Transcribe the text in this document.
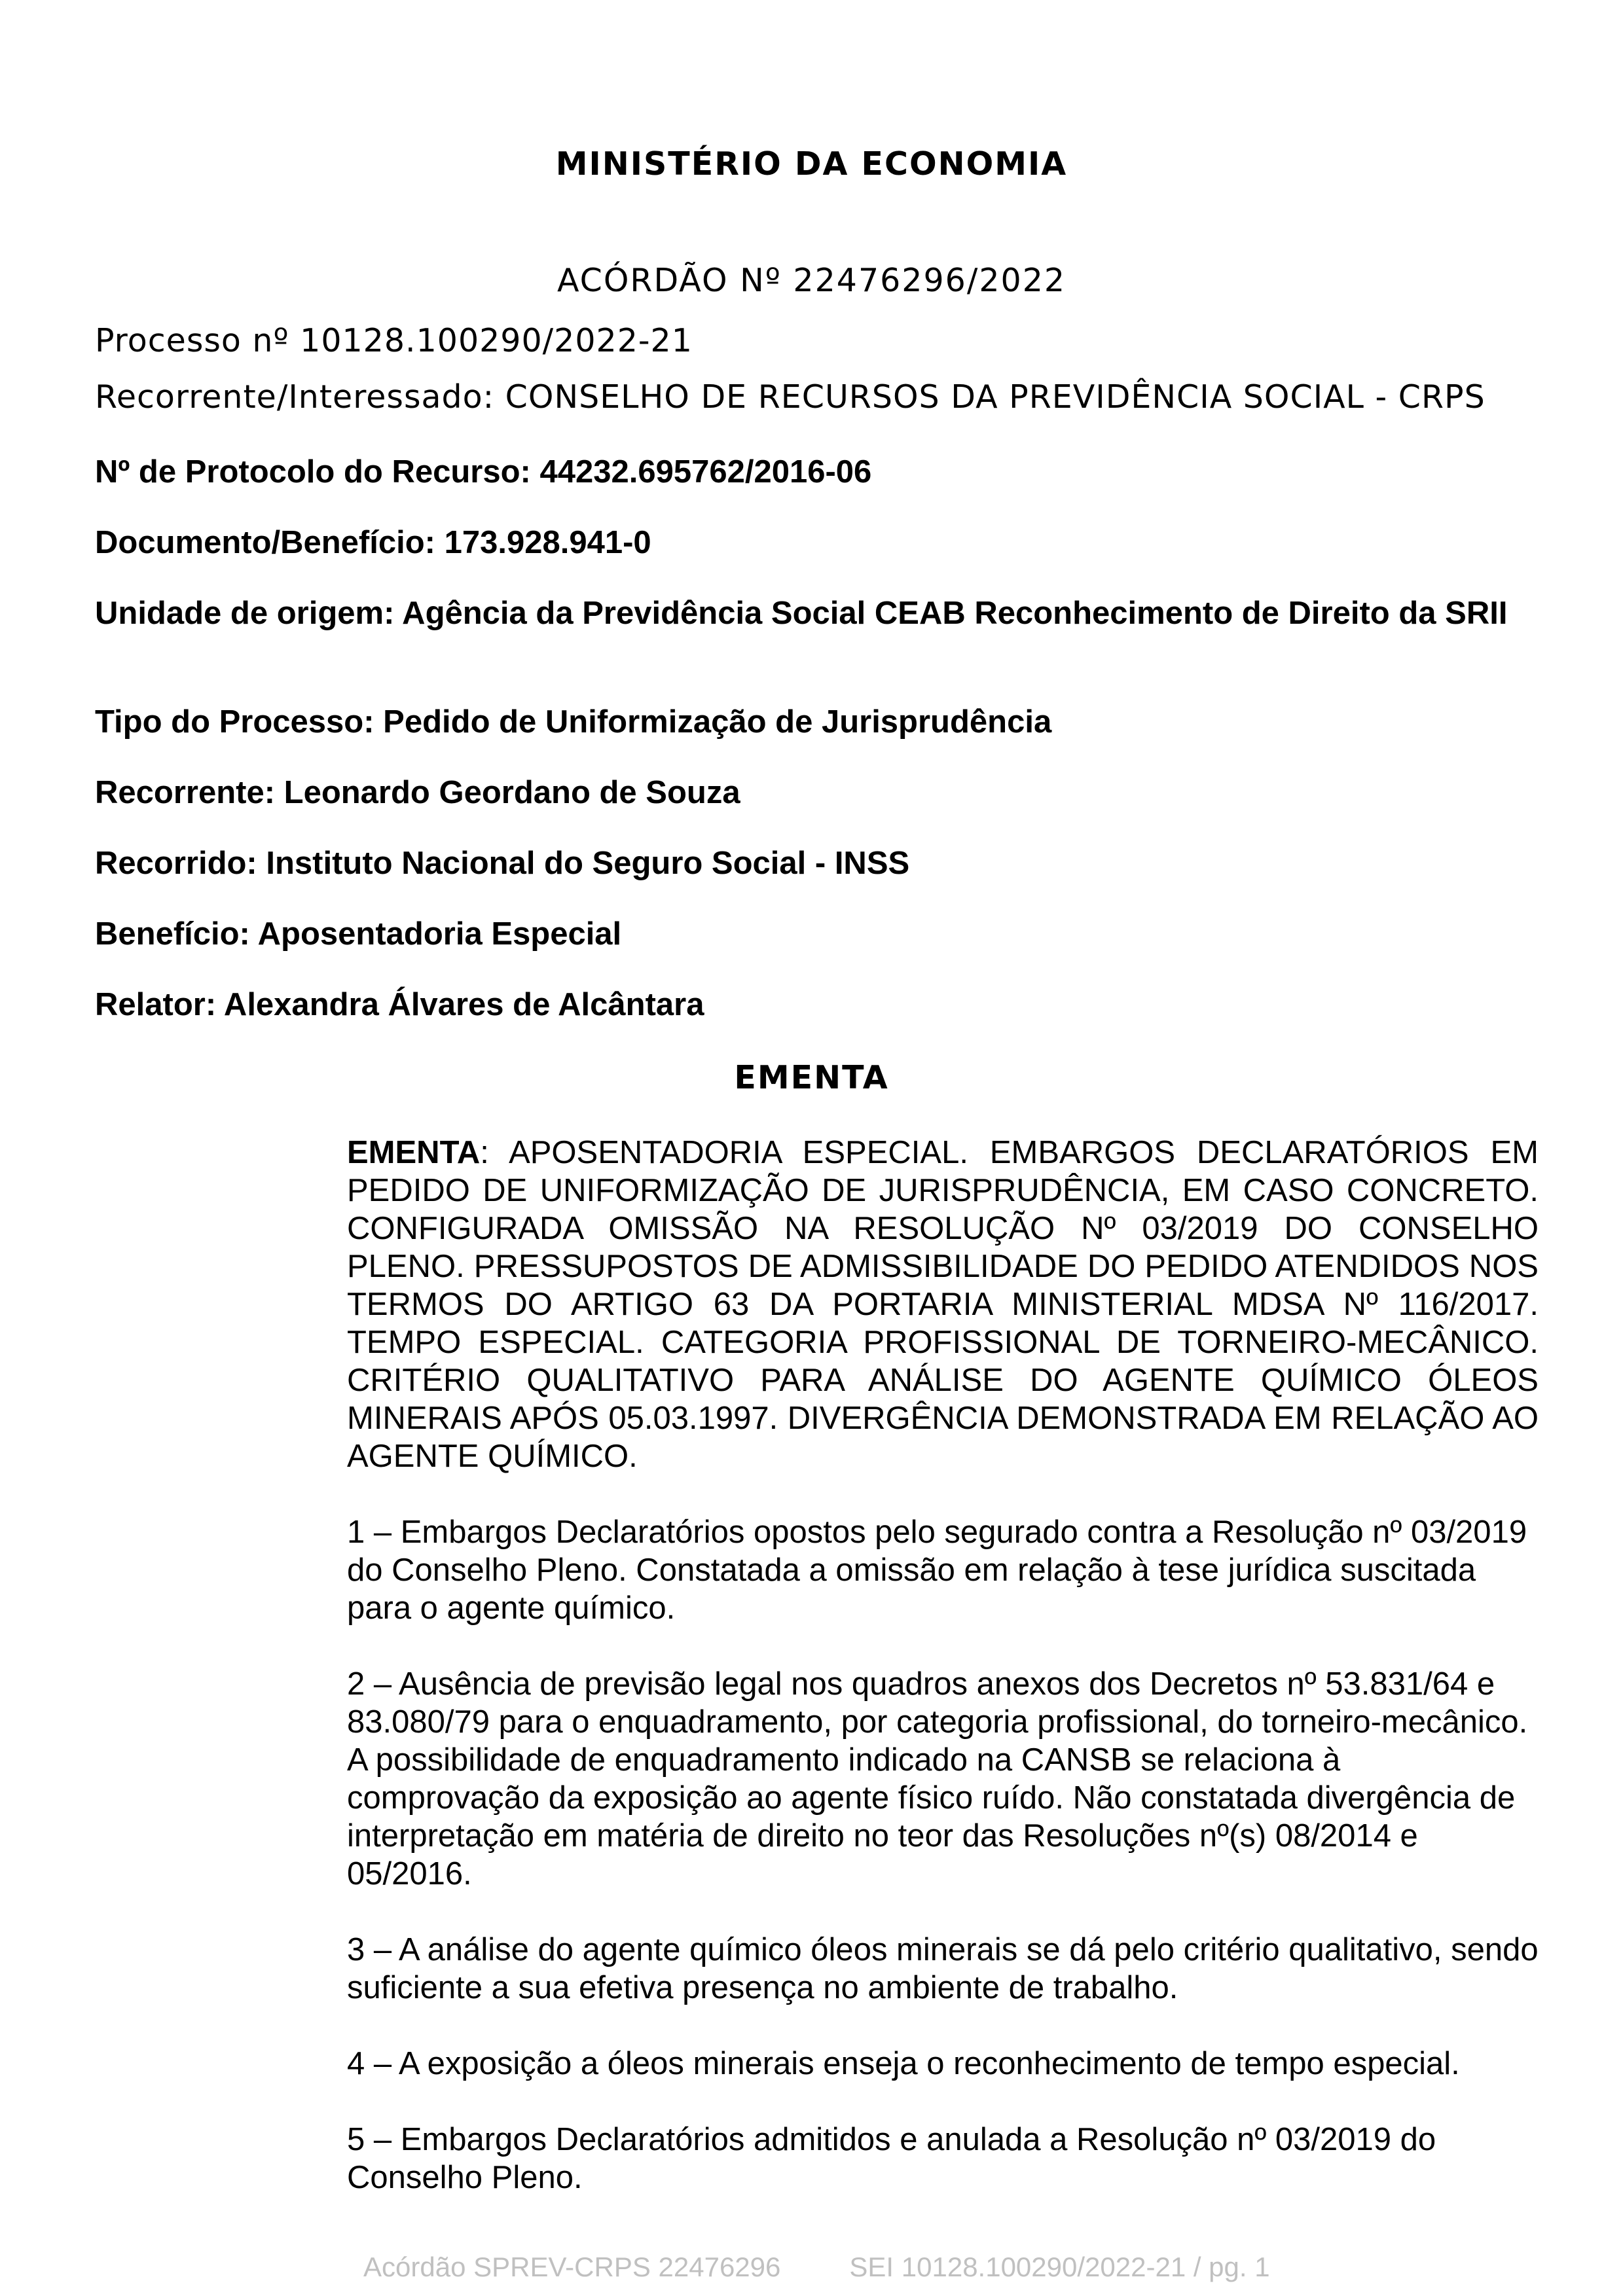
MINISTÉRIO DA ECONOMIA
ACÓRDÃO Nº 22476296/2022
Processo nº 10128.100290/2022-21
Recorrente/Interessado: CONSELHO DE RECURSOS DA PREVIDÊNCIA SOCIAL - CRPS
Nº de Protocolo do Recurso: 44232.695762/2016-06
Documento/Benefício: 173.928.941-0
Unidade de origem: Agência da Previdência Social CEAB Reconhecimento de Direito da SRII
Tipo do Processo: Pedido de Uniformização de Jurisprudência
Recorrente: Leonardo Geordano de Souza
Recorrido: Instituto Nacional do Seguro Social - INSS
Benefício: Aposentadoria Especial
Relator: Alexandra Álvares de Alcântara
EMENTA

EMENTA: APOSENTADORIA ESPECIAL. EMBARGOS DECLARATÓRIOS EM PEDIDO DE UNIFORMIZAÇÃO DE JURISPRUDÊNCIA, EM CASO CONCRETO. CONFIGURADA OMISSÃO NA RESOLUÇÃO Nº 03/2019 DO CONSELHO PLENO. PRESSUPOSTOS DE ADMISSIBILIDADE DO PEDIDO ATENDIDOS NOS TERMOS DO ARTIGO 63 DA PORTARIA MINISTERIAL MDSA Nº 116/2017. TEMPO ESPECIAL. CATEGORIA PROFISSIONAL DE TORNEIRO-MECÂNICO. CRITÉRIO QUALITATIVO PARA ANÁLISE DO AGENTE QUÍMICO ÓLEOS MINERAIS APÓS 05.03.1997. DIVERGÊNCIA DEMONSTRADA EM RELAÇÃO AO AGENTE QUÍMICO.

1 – Embargos Declaratórios opostos pelo segurado contra a Resolução nº 03/2019 do Conselho Pleno. Constatada a omissão em relação à tese jurídica suscitada para o agente químico.

2 – Ausência de previsão legal nos quadros anexos dos Decretos nº 53.831/64 e 83.080/79 para o enquadramento, por categoria profissional, do torneiro-mecânico. A possibilidade de enquadramento indicado na CANSB se relaciona à comprovação da exposição ao agente físico ruído. Não constatada divergência de interpretação em matéria de direito no teor das Resoluções nº(s) 08/2014 e 05/2016.

3 – A análise do agente químico óleos minerais se dá pelo critério qualitativo, sendo suficiente a sua efetiva presença no ambiente de trabalho.

4 – A exposição a óleos minerais enseja o reconhecimento de tempo especial.

5 – Embargos Declaratórios admitidos e anulada a Resolução nº 03/2019 do Conselho Pleno.

Acórdão SPREV-CRPS 22476296	SEI 10128.100290/2022-21 / pg. 1
